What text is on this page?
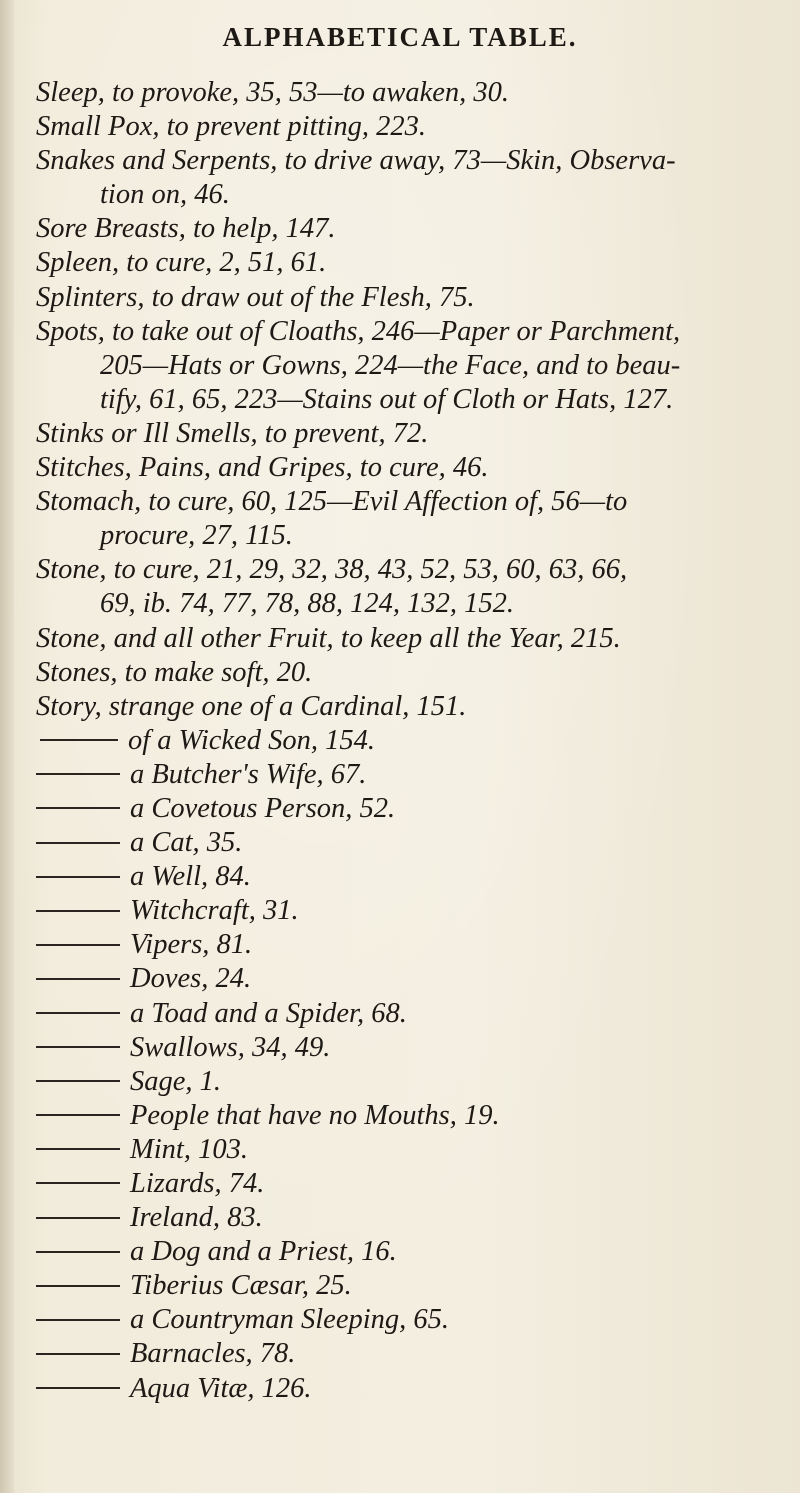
ALPHABETICAL TABLE.
Sleep, to provoke, 35, 53—to awaken, 30.
Small Pox, to prevent pitting, 223.
Snakes and Serpents, to drive away, 73—Skin, Observa-
tion on, 46.
Sore Breasts, to help, 147.
Spleen, to cure, 2, 51, 61.
Splinters, to draw out of the Flesh, 75.
Spots, to take out of Cloaths, 246—Paper or Parchment,
205—Hats or Gowns, 224—the Face, and to beau-
tify, 61, 65, 223—Stains out of Cloth or Hats, 127.
Stinks or Ill Smells, to prevent, 72.
Stitches, Pains, and Gripes, to cure, 46.
Stomach, to cure, 60, 125—Evil Affection of, 56—to
procure, 27, 115.
Stone, to cure, 21, 29, 32, 38, 43, 52, 53, 60, 63, 66,
69, ib. 74, 77, 78, 88, 124, 132, 152.
Stone, and all other Fruit, to keep all the Year, 215.
Stones, to make soft, 20.
Story, strange one of a Cardinal, 151.
of a Wicked Son, 154.
a Butcher's Wife, 67.
a Covetous Person, 52.
a Cat, 35.
a Well, 84.
Witchcraft, 31.
Vipers, 81.
Doves, 24.
a Toad and a Spider, 68.
Swallows, 34, 49.
Sage, 1.
People that have no Mouths, 19.
Mint, 103.
Lizards, 74.
Ireland, 83.
a Dog and a Priest, 16.
Tiberius Cæsar, 25.
a Countryman Sleeping, 65.
Barnacles, 78.
Aqua Vitæ, 126.
